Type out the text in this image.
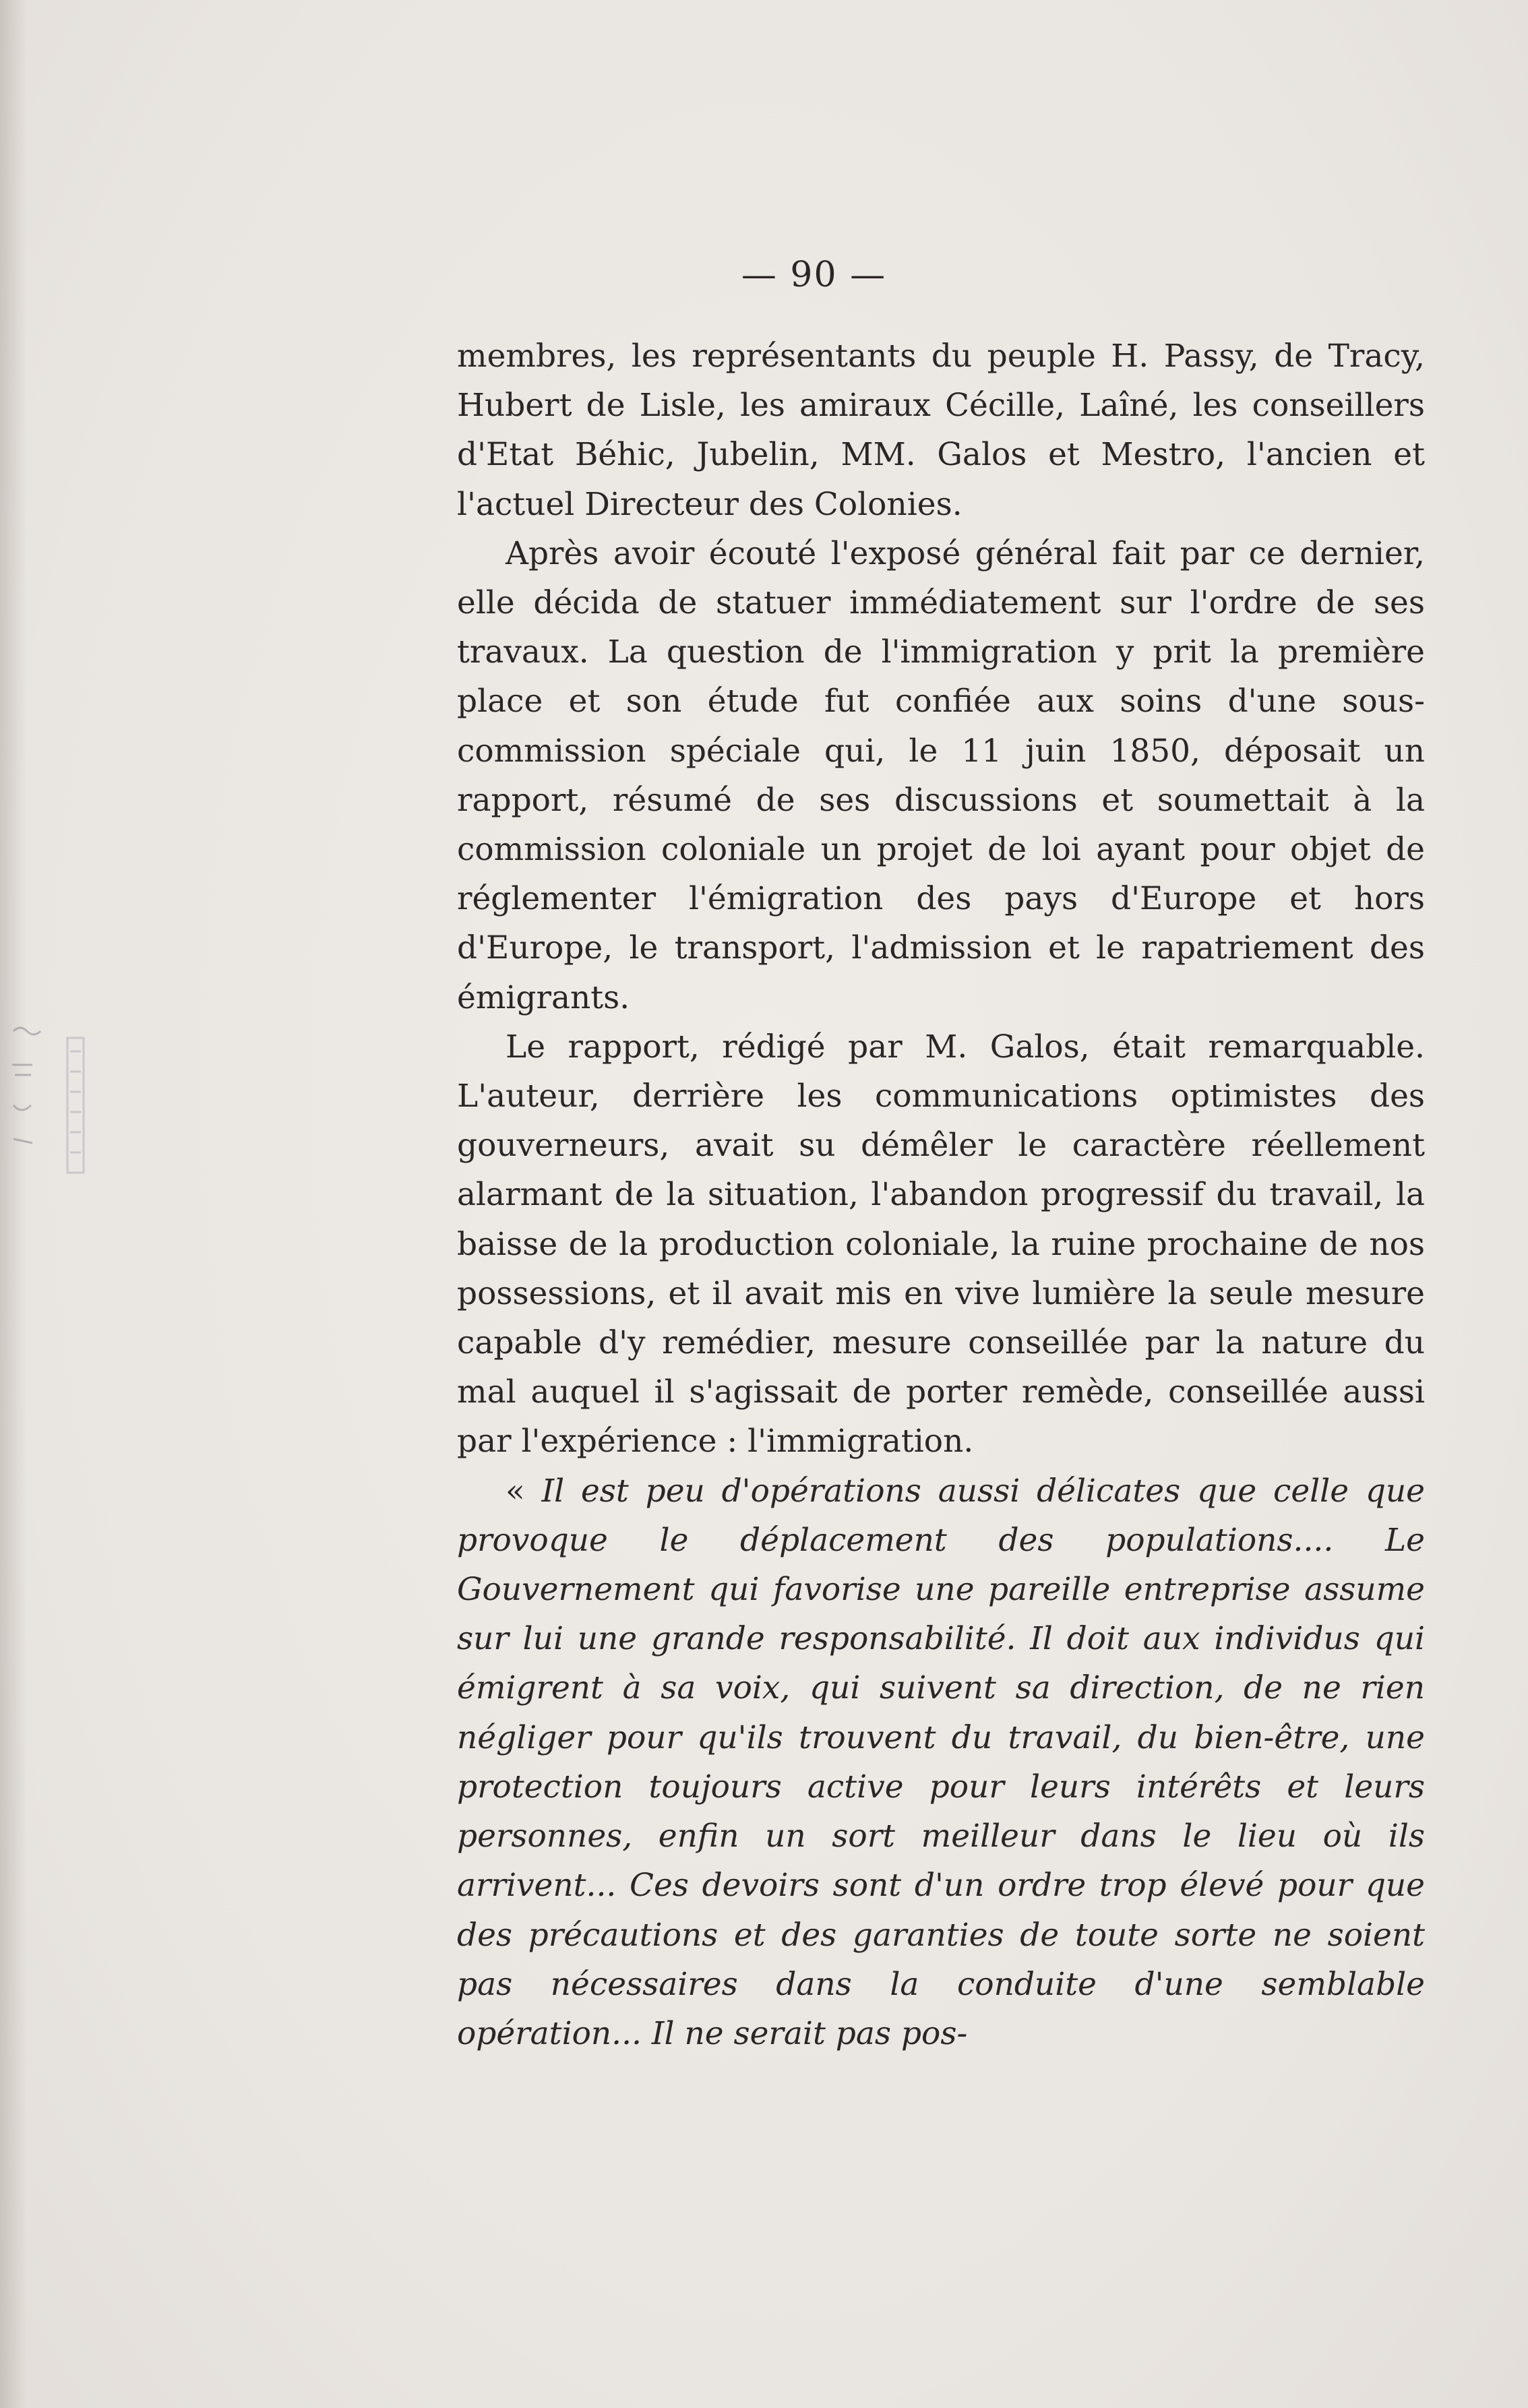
— 90 —

membres, les représentants du peuple H. Passy, de Tracy, Hubert de Lisle, les amiraux Cécille, Laîné, les conseillers d'Etat Béhic, Jubelin, MM. Galos et Mestro, l'ancien et l'actuel Directeur des Colonies.

Après avoir écouté l'exposé général fait par ce dernier, elle décida de statuer immédiatement sur l'ordre de ses travaux. La question de l'immigration y prit la première place et son étude fut confiée aux soins d'une sous-commission spéciale qui, le 11 juin 1850, déposait un rapport, résumé de ses discussions et soumettait à la commission coloniale un projet de loi ayant pour objet de réglementer l'émigration des pays d'Europe et hors d'Europe, le transport, l'admission et le rapatriement des émigrants.

Le rapport, rédigé par M. Galos, était remarquable. L'auteur, derrière les communications optimistes des gouverneurs, avait su démêler le caractère réellement alarmant de la situation, l'abandon progressif du travail, la baisse de la production coloniale, la ruine prochaine de nos possessions, et il avait mis en vive lumière la seule mesure capable d'y remédier, mesure conseillée par la nature du mal auquel il s'agissait de porter remède, conseillée aussi par l'expérience : l'immigration.

« Il est peu d'opérations aussi délicates que celle que provoque le déplacement des populations.... Le Gouvernement qui favorise une pareille entreprise assume sur lui une grande responsabilité. Il doit aux individus qui émigrent à sa voix, qui suivent sa direction, de ne rien négliger pour qu'ils trouvent du travail, du bien-être, une protection toujours active pour leurs intérêts et leurs personnes, enfin un sort meilleur dans le lieu où ils arrivent... Ces devoirs sont d'un ordre trop élevé pour que des précautions et des garanties de toute sorte ne soient pas nécessaires dans la conduite d'une semblable opération... Il ne serait pas pos-
